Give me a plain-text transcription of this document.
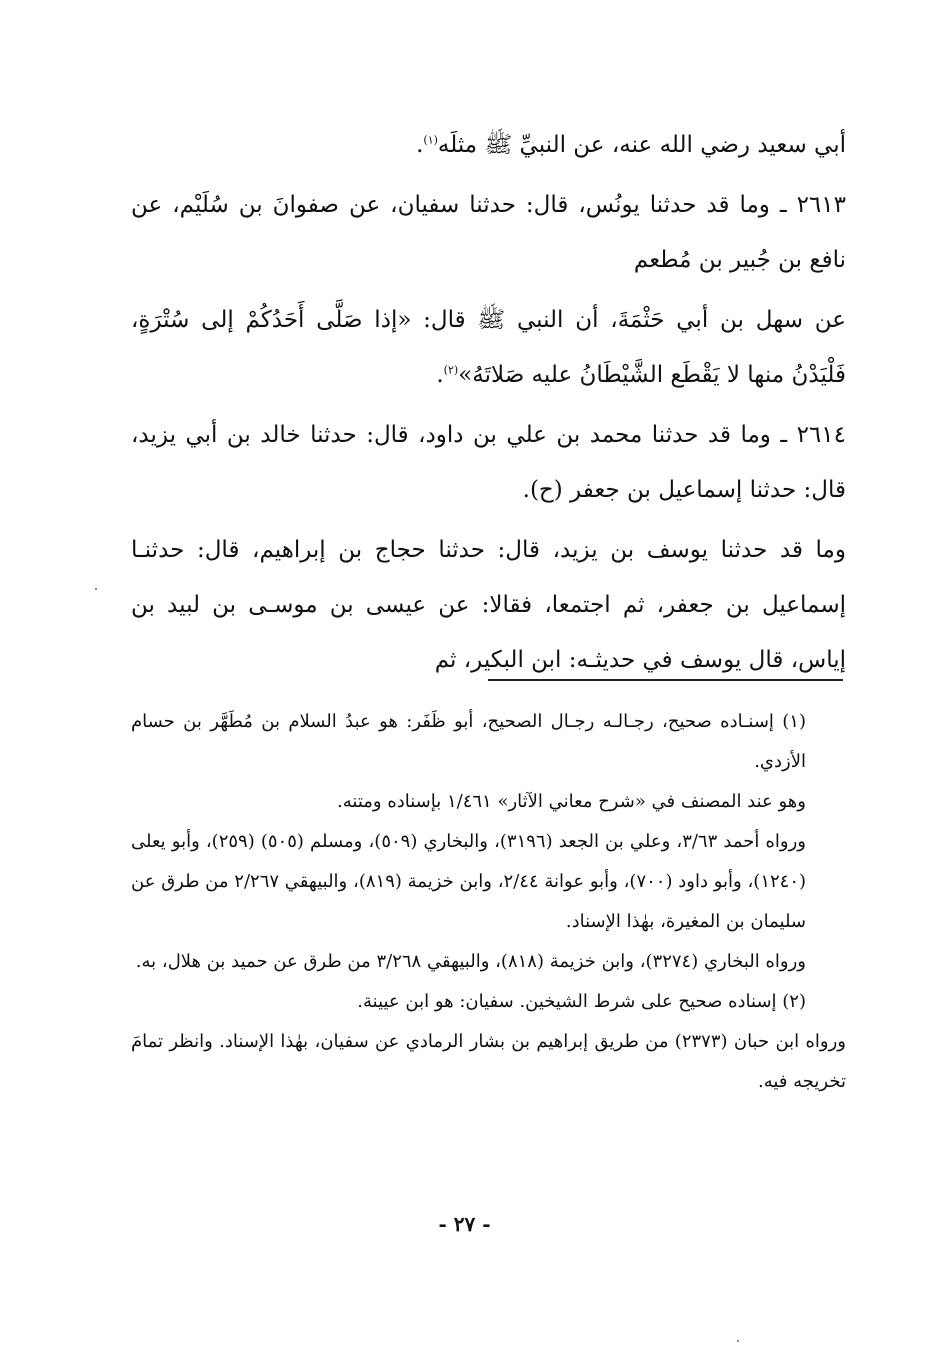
أبي سعيد رضي الله عنه، عن النبيِّ ﷺ مثلَه$^{(١)}$.

٢٦١٣ ـ وما قد حدثنا يونُس، قال: حدثنا سفيان، عن صفوانَ بن سُلَيْم، عن نافع بن جُبير بن مُطعم

عن سهل بن أبي حَثْمَةَ، أن النبي ﷺ قال: «إذا صَلَّى أَحَدُكُمْ إلى سُتْرَةٍ، فَلْيَدْنُ منها لا يَقْطَع الشَّيْطَانُ عليه صَلاتَهُ»$^{(٢)}$.

٢٦١٤ ـ وما قد حدثنا محمد بن علي بن داود، قال: حدثنا خالد بن أبي يزيد، قال: حدثنا إسماعيل بن جعفر (ح).

وما قد حدثنا يوسف بن يزيد، قال: حدثنا حجاج بن إبراهيم، قال: حدثنـا إسماعيل بن جعفر، ثم اجتمعا، فقالا: عن عيسى بن موسـى بن لبيد بن إياس، قال يوسف في حديثـه: ابن البكير، ثم

(١) إسنـاده صحيح، رجـالـه رجـال الصحيح، أبو ظَفَر: هو عبدُ السلام بن مُطَهَّر بن حسام الأزدي.

وهو عند المصنف في «شرح معاني الآثار» ١/٤٦١ بإسناده ومتنه.

ورواه أحمد ٣/٦٣، وعلي بن الجعد (٣١٩٦)، والبخاري (٥٠٩)، ومسلم (٥٠٥) (٢٥٩)، وأبو يعلى (١٢٤٠)، وأبو داود (٧٠٠)، وأبو عوانة ٢/٤٤، وابن خزيمة (٨١٩)، والبيهقي ٢/٢٦٧ من طرق عن سليمان بن المغيرة، بهٰذا الإسناد.

ورواه البخاري (٣٢٧٤)، وابن خزيمة (٨١٨)، والبيهقي ٣/٢٦٨ من طرق عن حميد بن هلال، به.

(٢) إسناده صحيح على شرط الشيخين. سفيان: هو ابن عيينة.

ورواه ابن حبان (٢٣٧٣) من طريق إبراهيم بن بشار الرمادي عن سفيان، بهٰذا الإسناد. وانظر تمامَ تخريجه فيه.

- ٢٧ -
